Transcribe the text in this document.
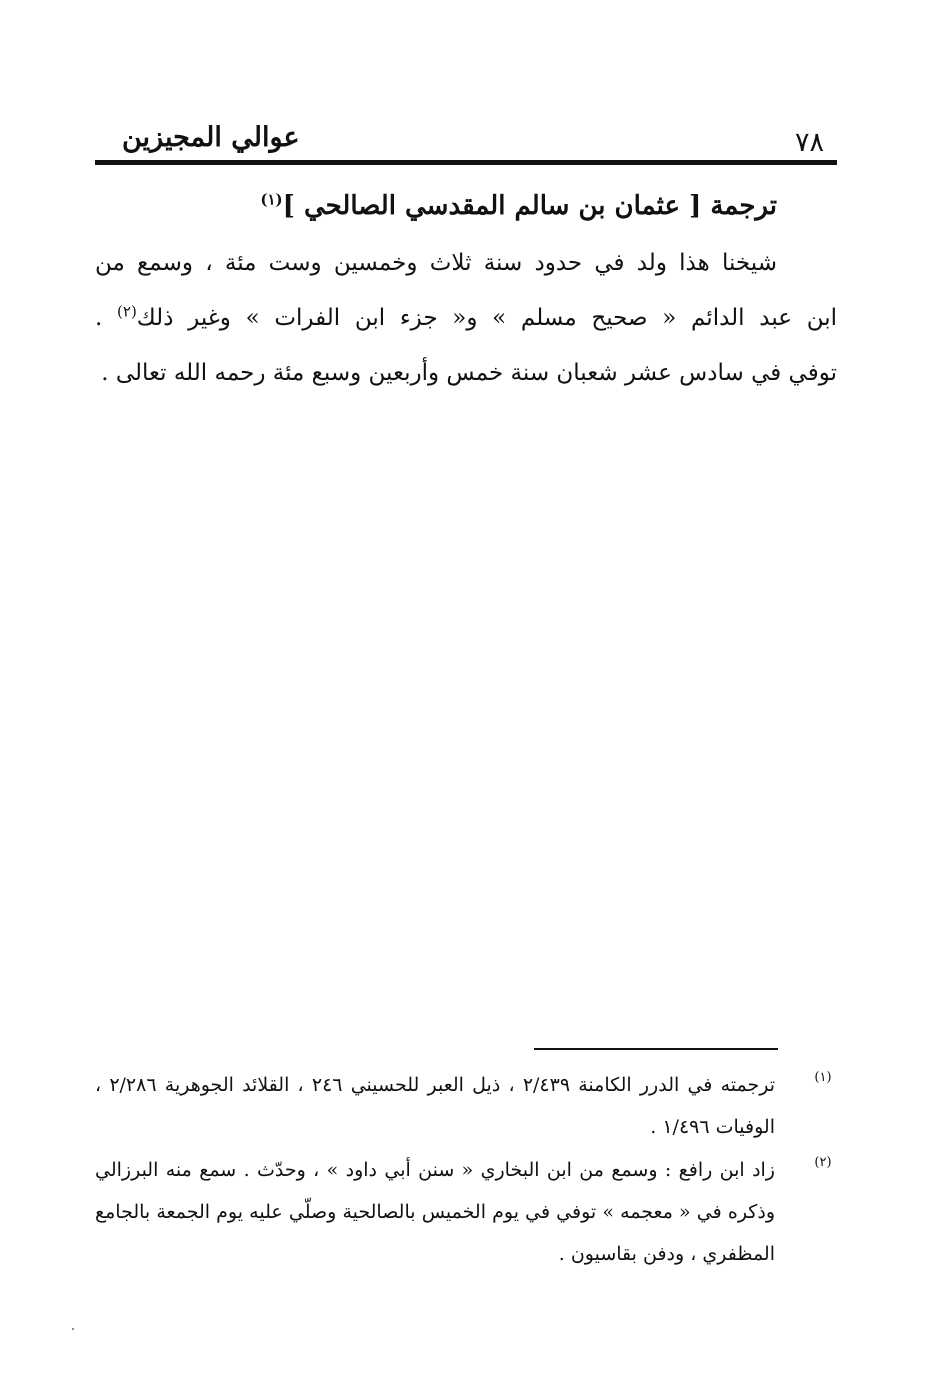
عوالي المجيزين	٧٨

ترجمة [ عثمان بن سالم المقدسي الصالحي ]$^{(١)}$

شيخنا هذا ولد في حدود سنة ثلاث وخمسين وست مئة ، وسمع من

ابن عبد الدائم « صحيح مسلم » و« جزء ابن الفرات » وغير ذلك$^{(٢)}$ .

توفي في سادس عشر شعبان سنة خمس وأربعين وسبع مئة رحمه الله تعالى .

(١)
ترجمته في الدرر الكامنة ٢/٤٣٩ ، ذيل العبر للحسيني ٢٤٦ ، القلائد الجوهرية ٢/٢٨٦ ،
الوفيات ١/٤٩٦ .
(٢)
زاد ابن رافع : وسمع من ابن البخاري « سنن أبي داود » ، وحدّث . سمع منه البرزالي
وذكره في « معجمه » توفي في يوم الخميس بالصالحية وصلّي عليه يوم الجمعة بالجامع
المظفري ، ودفن بقاسيون .
